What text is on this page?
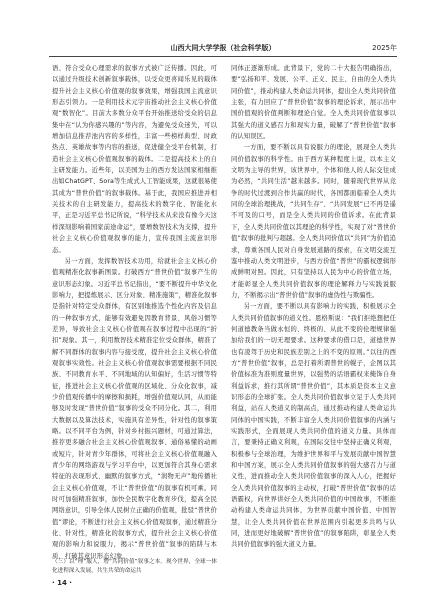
山西大同大学学报（社会科学版）	2025年

语、符合受众心理需求的叙事方式被广泛传播。因此，可以通过升级技术创新叙事载体，以受众更喜闻乐见的载体提升社会主义核心价值观的叙事效果，增强我国主流意识形态引领力。一是利用技术元宇宙推动社会主义核心价值观“数智化”。目前大多数分众平台开始推送给受众的信息集中在“认为你感兴趣的”等内容，为避免受众迷失，可以增加信息推荐池内容的多样性，丰富一些榜样典型、时政热点、英雄故事等内容的推送，促进健全受平台机制，打造社会主义核心价值观叙事的载体。二是提高技术上的自主研发能力。近些年，以美国为主的西方发达国家相继推出如ChatGPT、Sora等生成式人工智能成果，这就很易使其成为“普世价值”的叙事载体。基于此，我国应推进并相关技术的自主研发能力，提高技术的数字化、智能化水平，正是习近平总书记所说，“科学技术从来没有像今天这样深刻影响着国家前途命运”，要增数智技术为支撑，提升社会主义核心价值观叙事的能力，宣传我国主流意识形态。

另一方面，发挥数智技术功用，给就社会主义核心价值观精准化叙事新图景。打破西方“普世价值”叙事产生的意识形态幻象。习近平总书记指出，“要不断提升中华文化影响力，把提炼展示、区分对象、精准施策”，精准化叙事是指针对特定受众群体，有区别地推选个性化内容及信息的一种叙事方式，能够有效避免因教育背景、风俗习惯等差异，导致社会主义核心价值观在叙事过程中出现的“折扣”现象。其一，利用数智技术精准定位受众群体，精准了解不同群体的叙事内容与接受度，提升社会主义核心价值观叙事实效性。社会主义核心价值观叙事需要根据不同民族、不同教育水平、不同地域的认知偏好，生活习惯等特征，推进社会主义核心价值观的区域化、分众化叙事，减少价值观传播中的摩擦和损耗，增强价值观认同，从而能够及时发现“普世价值”叙事的受众不同分化。其二，利用大数据以及算法技术，实施具有差异性，针对性的叙事策略。以不同平台为例，针对乡村振兴题材，可通过算法，推荐更多融合社会主义核心价值观叙事、通俗易懂的动画或短片，针对青少年群体，可将社会主义核心价值观融入青少年的网络游戏与学习平台中，以更加符合其身心需求特征的表现形式、幽默的叙事方式，“润物无声”地传播社会主义核心价值观，不让“普世价值”的叙事有机可乘。同时可加强精准叙事，加快全民数字化教育步伐，提高全民网络意识，引导全体人民树立正确的价值观，批驳“普世价值”谬论，不断进行社会主义核心价值观叙事，通过精准分化、针对性，精准化的叙事方式，提升社会主义核心价值观的影响力和说服力，揭示“普世价值”叙事的陷阱与本质，打破其意识形态幻象。

同体正逐渐形成。此背景下，党的二十大报告明确指出，要“弘扬和平、发展、公平、正义、民主、自由的全人类共同价值”，推动构建人类命运共同体，提出全人类共同价值主张，有力回应了“普世价值”叙事的理论诉求，展示出中国价值观的价值判断和理论自觉。全人类共同价值叙事以其强大的道义感召力和现实力量，破解了“普世价值”叙事的认知误区。

一方面，要不断以具有说服力的理论，展现全人类共同价值叙事的科学性。由于西方某种程度上说，以本主义文明为主导的世界，该世界中，个体和他人的人际交往成为必然，“共同生活”越来越多。同时，随着现代世界从竞争的时代过渡到合作共赢的时代，各国都面临着全人类共同的全球治理挑战，“共同生存”、“共同发展”已不再是遥不可及的口号，而是全人类共同的价值诉求。在此背景下，全人类共同价值以其理论的科学性，实现了对“普世价值”叙事的批判与超越。全人类共同价值以“共同”为价值追求，尊重各国人民对自身发展道路的探索，在文明交流互鉴中推动人类文明进步，与西方价值“普世”的霸权逻辑形成鲜明对照。因此，只有坚持以人民为中心的价值立场，才能彰显全人类共同价值叙事的理论解释力与实践说服力，不断揭示出“普世价值”叙事的虚伪性与欺骗性。

另一方面，要不断以具有影响力的实践，积极展示全人类共同价值叙事的道义性。恩格斯说：“我们拒绝想把任何道德教条当做永恒的、终极的、从此不变的伦理规律强加给我们的一切无理要求。这种要求的借口是，道德世界也有凌驾于历史和民族差别之上的不变的原则。”以往的西方“普世价值”叙事，总是打着所谓普世的幌子，企图以其价值标准为准则度量世界，以强势的话语霸权来掩饰自身利益诉求，推行其所谓“普世价值”，其本质是资本主义意识形态的全球扩张。全人类共同价值叙事立足于人类共同利益，站在人类道义的制高点，通过推动构建人类命运共同体的中国实践，不断丰富全人类共同价值叙事的内涵与实践形式，全面展现人类共同价值的道义力量。具体而言，要秉持正确义利观，在国际交往中坚持正确义利观，积极参与全球治理，为维护世界和平与发展贡献中国智慧和中国方案，展示全人类共同价值叙事的强大感召力与道义性，进而推动全人类共同价值叙事的深入人心，把握好全人类共同价值叙事的主动权，打破“普世价值”叙事的话语霸权，向世界讲好全人类共同价值的中国故事，不断推动构建人类命运共同体，为世界贡献中国价值、中国智慧，让全人类共同价值在世界范围内引起更多共鸣与认同，进而更好地破解“普世价值”的叙事陷阱，彰显全人类共同价值叙事的强大道义力量。

（三）以“理”服人，增“共同价值”叙事之本。现今世界，全球一体化进程深入发展，共生共荣的命运共

· 14 ·
